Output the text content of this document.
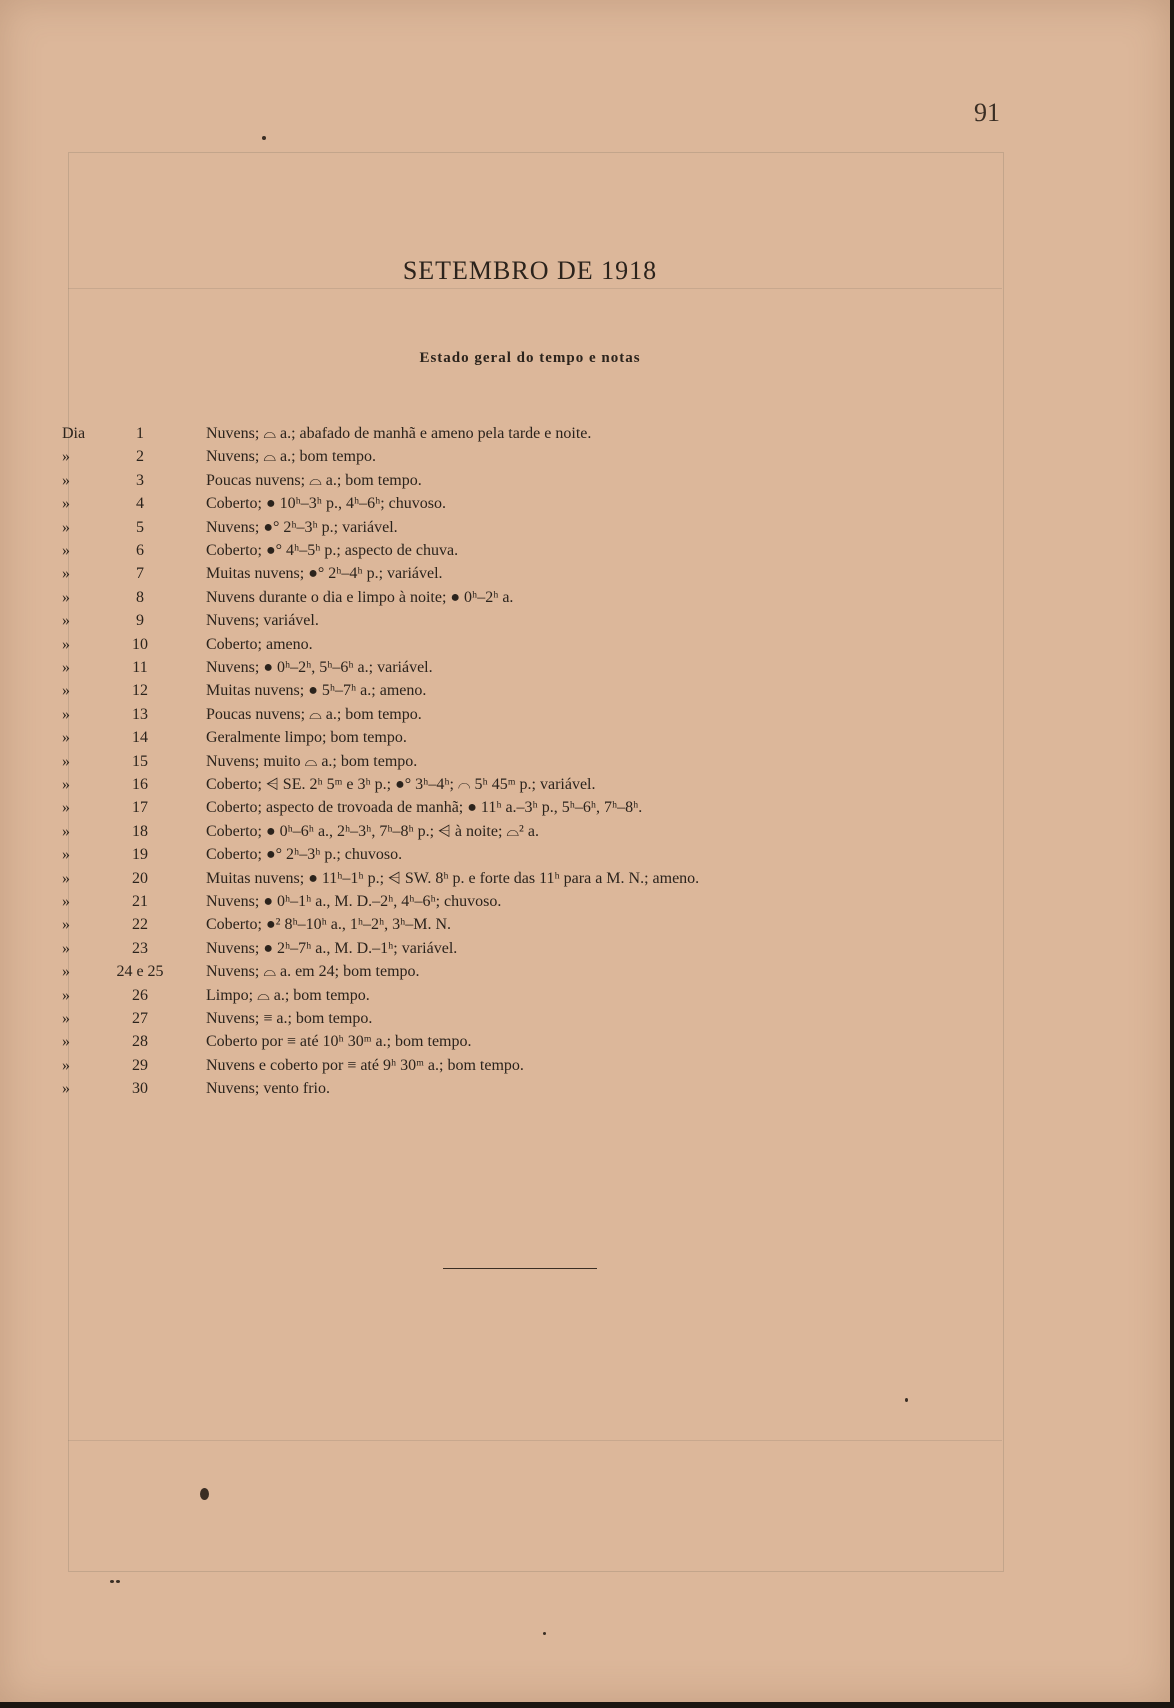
91
SETEMBRO DE 1918
Estado geral do tempo e notas
Dia	1	Nuvens; ⌓ a.; abafado de manhã e ameno pela tarde e noite.
»	2	Nuvens; ⌓ a.; bom tempo.
»	3	Poucas nuvens; ⌓ a.; bom tempo.
»	4	Coberto; ● 10ʰ–3ʰ p., 4ʰ–6ʰ; chuvoso.
»	5	Nuvens; ●° 2ʰ–3ʰ p.; variável.
»	6	Coberto; ●° 4ʰ–5ʰ p.; aspecto de chuva.
»	7	Muitas nuvens; ●° 2ʰ–4ʰ p.; variável.
»	8	Nuvens durante o dia e limpo à noite; ● 0ʰ–2ʰ a.
»	9	Nuvens; variável.
»	10	Coberto; ameno.
»	11	Nuvens; ● 0ʰ–2ʰ, 5ʰ–6ʰ a.; variável.
»	12	Muitas nuvens; ● 5ʰ–7ʰ a.; ameno.
»	13	Poucas nuvens; ⌓ a.; bom tempo.
»	14	Geralmente limpo; bom tempo.
»	15	Nuvens; muito ⌓ a.; bom tempo.
»	16	Coberto; ⩤ SE. 2ʰ 5ᵐ e 3ʰ p.; ●° 3ʰ–4ʰ; ⌒ 5ʰ 45ᵐ p.; variável.
»	17	Coberto; aspecto de trovoada de manhã; ● 11ʰ a.–3ʰ p., 5ʰ–6ʰ, 7ʰ–8ʰ.
»	18	Coberto; ● 0ʰ–6ʰ a., 2ʰ–3ʰ, 7ʰ–8ʰ p.; ⩤ à noite; ⌓² a.
»	19	Coberto; ●° 2ʰ–3ʰ p.; chuvoso.
»	20	Muitas nuvens; ● 11ʰ–1ʰ p.; ⩤ SW. 8ʰ p. e forte das 11ʰ para a M. N.; ameno.
»	21	Nuvens; ● 0ʰ–1ʰ a., M. D.–2ʰ, 4ʰ–6ʰ; chuvoso.
»	22	Coberto; ●² 8ʰ–10ʰ a., 1ʰ–2ʰ, 3ʰ–M. N.
»	23	Nuvens; ● 2ʰ–7ʰ a., M. D.–1ʰ; variável.
»	24 e 25	Nuvens; ⌓ a. em 24; bom tempo.
»	26	Limpo; ⌓ a.; bom tempo.
»	27	Nuvens; ≡ a.; bom tempo.
»	28	Coberto por ≡ até 10ʰ 30ᵐ a.; bom tempo.
»	29	Nuvens e coberto por ≡ até 9ʰ 30ᵐ a.; bom tempo.
»	30	Nuvens; vento frio.
